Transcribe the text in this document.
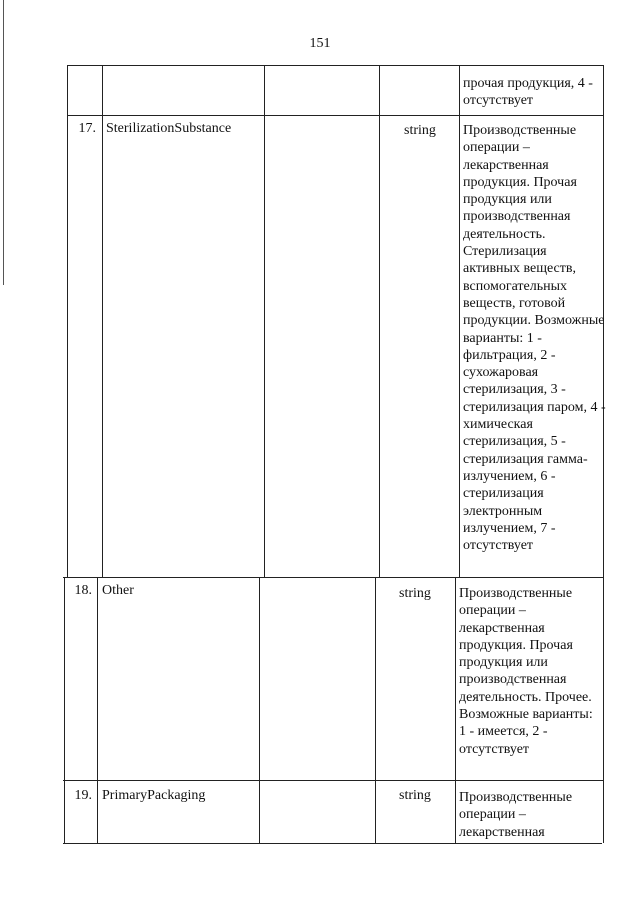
151
прочая продукция, 4 - отсутствует
17. SterilizationSubstance	string	Производственные операции – лекарственная продукция. Прочая продукция или производственная деятельность. Стерилизация активных веществ, вспомогательных веществ, готовой продукции. Возможные варианты: 1 - фильтрация, 2 - сухожаровая стерилизация, 3 - стерилизация паром, 4 - химическая стерилизация, 5 - стерилизация гамма-излучением, 6 - стерилизация электронным излучением, 7 - отсутствует
18. Other	string	Производственные операции – лекарственная продукция. Прочая продукция или производственная деятельность. Прочее. Возможные варианты: 1 - имеется, 2 - отсутствует
19. PrimaryPackaging	string	Производственные операции – лекарственная
